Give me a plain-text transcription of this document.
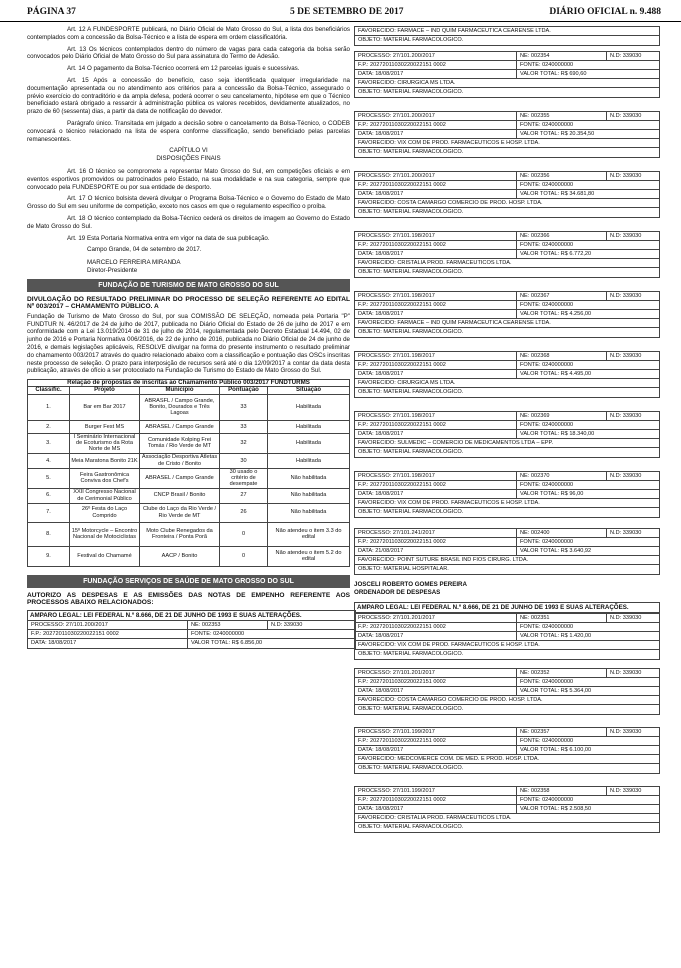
PÁGINA 37	5 DE SETEMBRO DE 2017	DIÁRIO OFICIAL n. 9.488

Art. 12 A FUNDESPORTE publicará, no Diário Oficial de Mato Grosso do Sul, a lista dos beneficiários contemplados com a concessão da Bolsa-Técnico e a lista de espera em ordem classificatória.

Art. 13 Os técnicos contemplados dentro do número de vagas para cada categoria da bolsa serão convocados pelo Diário Oficial de Mato Grosso do Sul para assinatura do Termo de Adesão.

Art. 14 O pagamento da Bolsa-Técnico ocorrerá em 12 parcelas iguais e sucessivas.

Art. 15 Após a concessão do benefício, caso seja identificada qualquer irregularidade na documentação apresentada ou no atendimento aos critérios para a concessão da Bolsa-Técnico, assegurado o prévio exercício do contraditório e da ampla defesa, poderá ocorrer o seu cancelamento, hipótese em que o Técnico beneficiado estará obrigado a ressarcir à administração pública os valores recebidos, devidamente atualizados, no prazo de 60 (sessenta) dias, a partir da data de notificação do devedor.

Parágrafo único. Transitada em julgado a decisão sobre o cancelamento da Bolsa-Técnico, o CODEB convocará o técnico relacionado na lista de espera conforme classificação, sendo beneficiado pelas parcelas remanescentes.

CAPÍTULO VI
DISPOSIÇÕES FINAIS

Art. 16 O técnico se compromete a representar Mato Grosso do Sul, em competições oficiais e em eventos esportivos promovidos ou patrocinados pelo Estado, na sua modalidade e na sua categoria, sempre que convocado pela FUNDESPORTE ou por sua entidade de desporto.

Art. 17 O técnico bolsista deverá divulgar o Programa Bolsa-Técnico e o Governo do Estado de Mato Grosso do Sul em seu uniforme de competição, exceto nos casos em que o regulamento específico o proíba.

Art. 18 O técnico contemplado da Bolsa-Técnico cederá os direitos de imagem ao Governo do Estado de Mato Grosso do Sul.

Art. 19 Esta Portaria Normativa entra em vigor na data de sua publicação.

Campo Grande, 04 de setembro de 2017.

MARCELO FERREIRA MIRANDA

Diretor-Presidente

FUNDAÇÃO DE TURISMO DE MATO GROSSO DO SUL
DIVULGAÇÃO DO RESULTADO PRELIMINAR DO PROCESSO DE SELEÇÃO REFERENTE AO EDITAL Nº 003/2017 – CHAMAMENTO PÚBLICO. A

Fundação de Turismo de Mato Grosso do Sul, por sua COMISSÃO DE SELEÇÃO, nomeada pela Portaria "P" FUNDTUR N. 46/2017 de 24 de julho de 2017, publicada no Diário Oficial do Estado de 26 de julho de 2017 e em conformidade com a Lei 13.019/2014 de 31 de julho de 2014, regulamentada pelo Decreto Estadual 14.494, 02 de junho de 2016 e Portaria Normativa 006/2016, de 22 de junho de 2016, publicada no Diário Oficial de 24 de junho de 2016, e demais legislações aplicáveis, RESOLVE divulgar na forma do presente instrumento o resultado preliminar do chamamento 003/2017 através do quadro relacionado abaixo com a classificação e pontuação das OSCs inscritas neste processo de seleção. O prazo para interposição de recursos será até o dia 12/09/2017 a contar da data desta publicação, através de ofício a ser protocolado na Fundação de Turismo do Estado de Mato Grosso do Sul.

Relação de propostas de inscritas ao Chamamento Público 003/2017 FUNDTURMS				
Classific.	Projeto	Município	Pontuação	Situação
1.	Bar em Bar 2017	ABRASFL / Campo Grande, Bonito, Dourados e Três Lagoas	33	Habilitada
2.	Burger Fest MS	ABRASEL / Campo Grande	33	Habilitada
3.	I Seminário Internacional de Ecoturismo da Rota Norte de MS	Comunidade Kolping Frei Tomás / Rio Verde de MT	32	Habilitada
4.	Meia Maratona Bonito 21K	Associação Desportiva Atletas de Cristo / Bonito	30	Habilitada
5.	Feira Gastronômica Conviva dos Chef's	ABRASEL / Campo Grande	30 usado o critério de desempate	Não habilitada
6.	XXII Congresso Nacional de Cerimonial Público	CNCP Brasil / Bonito	27	Não habilitada
7.	26º Festa do Laço Comprido	Clube do Laço da Rio Verde / Rio Verde de MT	26	Não habilitada
8.	15º Motorcycle – Encontro Nacional de Motociclistas	Moto Clube Renegados da Fronteira / Ponta Porã	0	Não atendeu o item 3.3 do edital
9.	Festival do Chamamé	AACP / Bonito	0	Não atendeu o item 5.2 do edital
FUNDAÇÃO SERVIÇOS DE SAÚDE DE MATO GROSSO DO SUL
AUTORIZO AS DESPESAS E AS EMISSÕES DAS NOTAS DE EMPENHO REFERENTE AOS PROCESSOS ABAIXO RELACIONADOS:
AMPARO LEGAL: LEI FEDERAL N.º 8.666, DE 21 DE JUNHO DE 1993 E SUAS ALTERAÇÕES.
PROCESSO: 27/101.200/2017	NE: 002353	N.D: 339030
F.P.: 20272011030220022151 0002	FONTE: 0240000000
DATA: 18/08/2017	VALOR TOTAL: R$ 6.856,00
FAVORECIDO: FARMACE – IND QUIM FARMACEUTICA CEARENSE LTDA.
OBJETO: MATERIAL FARMACOLOGICO.
PROCESSO: 27/101.200/2017	NE: 002354	N.D: 339030
F.P.: 20272011030220022151 0002	FONTE: 0240000000
DATA: 18/08/2017	VALOR TOTAL: R$ 690,60
FAVORECIDO: CIRURGICA MS LTDA.
OBJETO: MATERIAL FARMACOLOGICO.
PROCESSO: 27/101.200/2017	NE: 002355	N.D: 339030
F.P.: 20272011030220022151 0002	FONTE: 0240000000
DATA: 18/08/2017	VALOR TOTAL: R$ 20.354,50
FAVORECIDO: VIX COM DE PROD. FARMACEUTICOS E HOSP. LTDA.
OBJETO: MATERIAL FARMACOLOGICO.
PROCESSO: 27/101.200/2017	NE: 002356	N.D: 339030
F.P.: 20272011030220022151 0002	FONTE: 0240000000
DATA: 18/08/2017	VALOR TOTAL: R$ 34.681,80
FAVORECIDO: COSTA CAMARGO COMERCIO DE PROD. HOSP. LTDA.
OBJETO: MATERIAL FARMACOLOGICO.
PROCESSO: 27/101.198/2017	NE: 002366	N.D: 339030
F.P.: 20272011030220022151 0002	FONTE: 0240000000
DATA: 18/08/2017	VALOR TOTAL: R$ 6.772,20
FAVORECIDO: CRISTALIA PROD. FARMACEUTICOS LTDA.
OBJETO: MATERIAL FARMACOLOGICO.
PROCESSO: 27/101.198/2017	NE: 002367	N.D: 339030
F.P.: 20272011030220022151 0002	FONTE: 0240000000
DATA: 18/08/2017	VALOR TOTAL: R$ 4.256,00
FAVORECIDO: FARMACE – IND QUIM FARMACEUTICA CEARENSE LTDA.
OBJETO: MATERIAL FARMACOLOGICO.
PROCESSO: 27/101.198/2017	NE: 002368	N.D: 339030
F.P.: 20272011030220022151 0002	FONTE: 0240000000
DATA: 18/08/2017	VALOR TOTAL: R$ 4.495,00
FAVORECIDO: CIRURGICA MS LTDA.
OBJETO: MATERIAL FARMACOLOGICO.
PROCESSO: 27/101.198/2017	NE: 002369	N.D: 339030
F.P.: 20272011030220022151 0002	FONTE: 0240000000
DATA: 18/08/2017	VALOR TOTAL: R$ 18.340,00
FAVORECIDO: SULMEDIC – COMERCIO DE MEDICAMENTOS LTDA – EPP.
OBJETO: MATERIAL FARMACOLOGICO.
PROCESSO: 27/101.198/2017	NE: 002370	N.D: 339030
F.P.: 20272011030220022151 0002	FONTE: 0240000000
DATA: 18/08/2017	VALOR TOTAL: R$ 96,00
FAVORECIDO: VIX COM DE PROD. FARMACEUTICOS E HOSP. LTDA.
OBJETO: MATERIAL FARMACOLOGICO.
PROCESSO: 27/101.241/2017	NE: 002400	N.D: 339030
F.P.: 20272011030220022151 0002	FONTE: 0240000000
DATA: 21/08/2017	VALOR TOTAL: R$ 3.640,92
FAVORECIDO: POINT SUTURE BRASIL IND FIOS CIRURG. LTDA.
OBJETO: MATERIAL HOSPITALAR.
JOSCELI ROBERTO GOMES PEREIRA
ORDENADOR DE DESPESAS
AMPARO LEGAL: LEI FEDERAL N.º 8.666, DE 21 DE JUNHO DE 1993 E SUAS ALTERAÇÕES.
PROCESSO: 27/101.201/2017	NE: 002351	N.D: 339030
F.P.: 20272011030220022151 0002	FONTE: 0240000000
DATA: 18/08/2017	VALOR TOTAL: R$ 1.420,00
FAVORECIDO: VIX COM DE PROD. FARMACEUTICOS E HOSP. LTDA.
OBJETO: MATERIAL FARMACOLOGICO.
PROCESSO: 27/101.201/2017	NE: 002352	N.D: 339030
F.P.: 20272011030220022151 0002	FONTE: 0240000000
DATA: 18/08/2017	VALOR TOTAL: R$ 5.364,00
FAVORECIDO: COSTA CAMARGO COMERCIO DE PROD. HOSP. LTDA.
OBJETO: MATERIAL FARMACOLOGICO.
PROCESSO: 27/101.199/2017	NE: 002357	N.D: 339030
F.P.: 20272011030220022151 0002	FONTE: 0240000000
DATA: 18/08/2017	VALOR TOTAL: R$ 6.100,00
FAVORECIDO: MEDCOMERCE COM. DE MED. E PROD. HOSP. LTDA.
OBJETO: MATERIAL FARMACOLOGICO.
PROCESSO: 27/101.199/2017	NE: 002358	N.D: 339030
F.P.: 20272011030220022151 0002	FONTE: 0240000000
DATA: 18/08/2017	VALOR TOTAL: R$ 2.508,50
FAVORECIDO: CRISTALIA PROD. FARMACEUTICOS LTDA.
OBJETO: MATERIAL FARMACOLOGICO.
